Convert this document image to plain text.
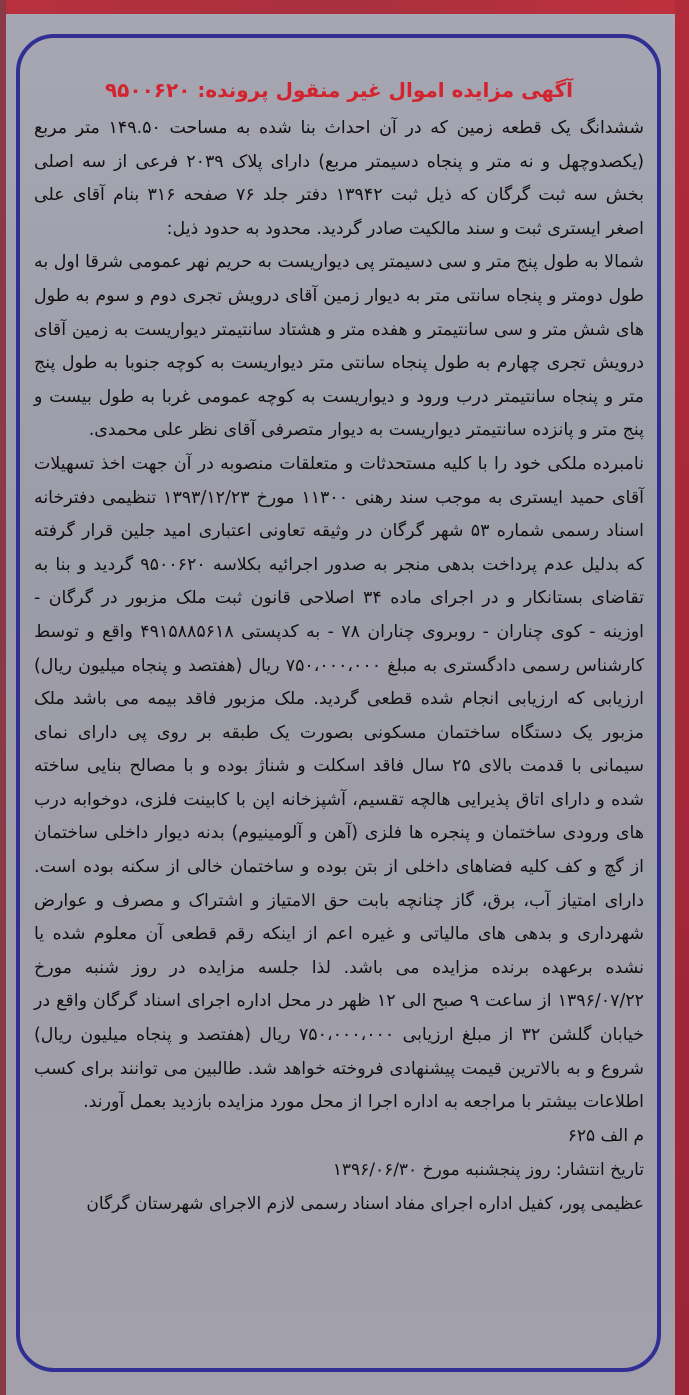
آگهی مزایده اموال غیر منقول پرونده: ۹۵۰۰۶۲۰

ششدانگ یک قطعه زمین که در آن احداث بنا شده به مساحت ۱۴۹.۵۰ متر مربع (یکصدوچهل و نه متر و پنجاه دسیمتر مربع) دارای پلاک ۲۰۳۹ فرعی از سه اصلی بخش سه ثبت گرگان که ذیل ثبت ۱۳۹۴۲ دفتر جلد ۷۶ صفحه ۳۱۶ بنام آقای علی اصغر ایستری ثبت و سند مالکیت صادر گردید. محدود به حدود ذیل:

شمالا به طول پنج متر و سی دسیمتر پی دیواریست به حریم نهر عمومی شرقا اول به طول دومتر و پنجاه سانتی متر به دیوار زمین آقای درویش تجری دوم و سوم به طول های شش متر و سی سانتیمتر و هفده متر و هشتاد سانتیمتر دیواریست به زمین آقای درویش تجری چهارم به طول پنجاه سانتی متر دیواریست به کوچه جنوبا به طول پنج متر و پنجاه سانتیمتر درب ورود و دیواریست به کوچه عمومی غربا به طول بیست و پنج متر و پانزده سانتیمتر دیواریست به دیوار متصرفی آقای نظر علی محمدی.

نامبرده ملکی خود را با کلیه مستحدثات و متعلقات منصوبه در آن جهت اخذ تسهیلات آقای حمید ایستری به موجب سند رهنی ۱۱۳۰۰ مورخ ۱۳۹۳/۱۲/۲۳ تنظیمی دفترخانه اسناد رسمی شماره ۵۳ شهر گرگان در وثیقه تعاونی اعتباری امید جلین قرار گرفته که بدلیل عدم پرداخت بدهی منجر به صدور اجرائیه بکلاسه ۹۵۰۰۶۲۰ گردید و بنا به تقاضای بستانکار و در اجرای ماده ۳۴ اصلاحی قانون ثبت ملک مزبور در گرگان - اوزینه - کوی چناران - روبروی چناران ۷۸ - به کدپستی ۴۹۱۵۸۸۵۶۱۸ واقع و توسط کارشناس رسمی دادگستری به مبلغ ۷۵۰،۰۰۰،۰۰۰ ریال (هفتصد و پنجاه میلیون ریال) ارزیابی که ارزیابی انجام شده قطعی گردید. ملک مزبور فاقد بیمه می باشد ملک مزبور یک دستگاه ساختمان مسکونی بصورت یک طبقه بر روی پی دارای نمای سیمانی با قدمت بالای ۲۵ سال فاقد اسکلت و شناژ بوده و با مصالح بنایی ساخته شده و دارای اتاق پذیرایی هالچه تقسیم، آشپزخانه اپن با کابینت فلزی، دوخوابه درب های ورودی ساختمان و پنجره ها فلزی (آهن و آلومینیوم) بدنه دیوار داخلی ساختمان از گچ و کف کلیه فضاهای داخلی از بتن بوده و ساختمان خالی از سکنه بوده است. دارای امتیاز آب، برق، گاز چنانچه بابت حق الامتیاز و اشتراک و مصرف و عوارض شهرداری و بدهی های مالیاتی و غیره اعم از اینکه رقم قطعی آن معلوم شده یا نشده برعهده برنده مزایده می باشد. لذا جلسه مزایده در روز شنبه مورخ ۱۳۹۶/۰۷/۲۲ از ساعت ۹ صبح الی ۱۲ ظهر در محل اداره اجرای اسناد گرگان واقع در خیابان گلشن ۳۲ از مبلغ ارزیابی ۷۵۰،۰۰۰،۰۰۰ ریال (هفتصد و پنجاه میلیون ریال) شروع و به بالاترین قیمت پیشنهادی فروخته خواهد شد. طالبین می توانند برای کسب اطلاعات بیشتر با مراجعه به اداره اجرا از محل مورد مزایده بازدید بعمل آورند.

م الف ۶۲۵

تاریخ انتشار: روز پنجشنبه مورخ ۱۳۹۶/۰۶/۳۰

عظیمی پور، کفیل اداره اجرای مفاد اسناد رسمی لازم الاجرای شهرستان گرگان
